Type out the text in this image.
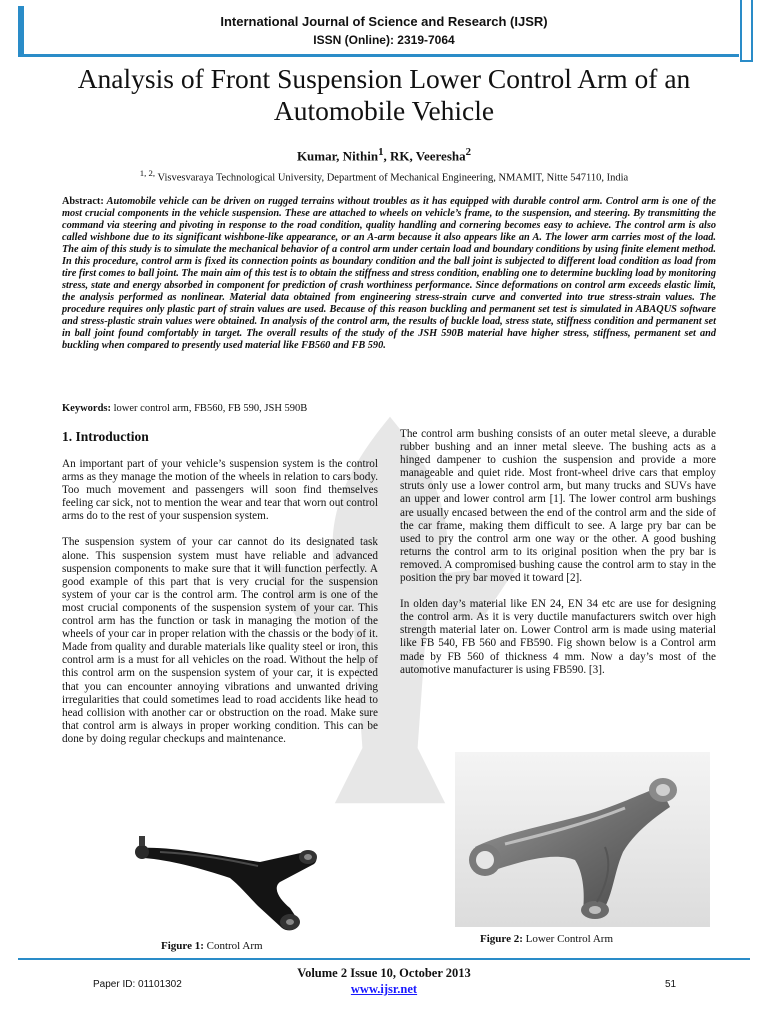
International Journal of Science and Research (IJSR)
ISSN (Online): 2319-7064
Analysis of Front Suspension Lower Control Arm of an Automobile Vehicle
Kumar, Nithin$^1$, RK, Veeresha$^2$
$^{1, 2,}$ Visvesvaraya Technological University, Department of Mechanical Engineering, NMAMIT, Nitte 547110, India
Abstract: Automobile vehicle can be driven on rugged terrains without troubles as it has equipped with durable control arm. Control arm is one of the most crucial components in the vehicle suspension. These are attached to wheels on vehicle’s frame, to the suspension, and steering. By transmitting the command via steering and pivoting in response to the road condition, quality handling and cornering becomes easy to achieve. The control arm is also called wishbone due to its significant wishbone-like appearance, or an A-arm because it also appears like an A. The lower arm carries most of the load. The aim of this study is to simulate the mechanical behavior of a control arm under certain load and boundary conditions by using finite element method. In this procedure, control arm is fixed its connection points as boundary condition and the ball joint is subjected to different load condition as load from tire first comes to ball joint. The main aim of this test is to obtain the stiffness and stress condition, enabling one to determine buckling load by monitoring stress, state and energy absorbed in component for prediction of crash worthiness performance. Since deformations on control arm exceeds elastic limit, the analysis performed as nonlinear. Material data obtained from engineering stress-strain curve and converted into true stress-strain values. The procedure requires only plastic part of strain values are used. Because of this reason buckling and permanent set test is simulated in ABAQUS software and stress-plastic strain values were obtained. In analysis of the control arm, the results of buckle load, stress state, stiffness condition and permanent set in ball joint found comfortably in target. The overall results of the study of the JSH 590B material have higher stress, stiffness, permanent set and buckling when compared to presently used material like FB560 and FB 590.
Keywords: lower control arm, FB560, FB 590, JSH 590B
1. Introduction

An important part of your vehicle’s suspension system is the control arms as they manage the motion of the wheels in relation to cars body. Too much movement and passengers will soon find themselves feeling car sick, not to mention the wear and tear that worn out control arms do to the rest of your suspension system.

The suspension system of your car cannot do its designated task alone. This suspension system must have reliable and advanced suspension components to make sure that it will function perfectly. A good example of this part that is very crucial for the suspension system of your car is the control arm. The control arm is one of the most crucial components of the suspension system of your car. This control arm has the function or task in managing the motion of the wheels of your car in proper relation with the chassis or the body of it. Made from quality and durable materials like quality steel or iron, this control arm is a must for all vehicles on the road. Without the help of this control arm on the suspension system of your car, it is expected that you can encounter annoying vibrations and unwanted driving irregularities that could sometimes lead to road accidents like head to head collision with another car or obstruction on the road. Make sure that control arm is always in proper working condition. This can be done by doing regular checkups and maintenance.

The control arm bushing consists of an outer metal sleeve, a durable rubber bushing and an inner metal sleeve. The bushing acts as a hinged dampener to cushion the suspension and provide a more manageable and quiet ride. Most front-wheel drive cars that employ struts only use a lower control arm, but many trucks and SUVs have an upper and lower control arm [1]. The lower control arm bushings are usually encased between the end of the control arm and the side of the car frame, making them difficult to see. A large pry bar can be used to pry the control arm one way or the other. A good bushing returns the control arm to its original position when the pry bar is removed. A compromised bushing cause the control arm to stay in the position the pry bar moved it toward [2].

In olden day’s material like EN 24, EN 34 etc are use for designing the control arm. As it is very ductile manufacturers switch over high strength material later on. Lower Control arm is made using material like FB 540, FB 560 and FB590. Fig shown below is a Control arm made by FB 560 of thickness 4 mm. Now a day’s most of the automotive manufacturer is using FB590. [3].

Figure 1: Control Arm
Figure 2: Lower Control Arm
Volume 2 Issue 10, October 2013
Paper ID: 01101302	www.ijsr.net	51
